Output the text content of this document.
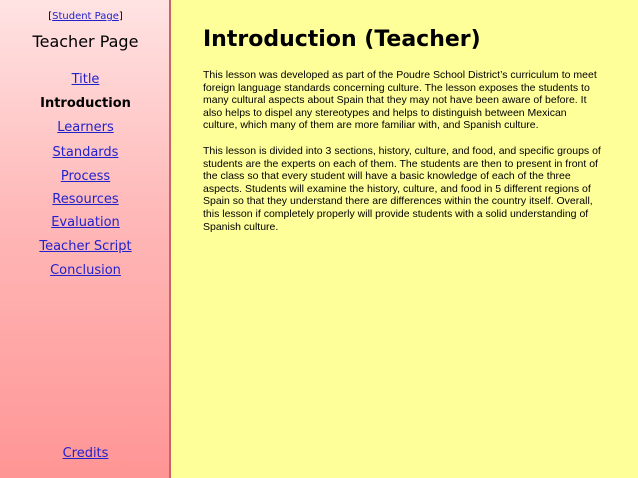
[Student Page]
Teacher Page
Title
Introduction
Learners
Standards
Process
Resources
Evaluation
Teacher Script
Conclusion
Credits
Introduction (Teacher)

This lesson was developed as part of the Poudre School District’s curriculum to meet foreign language standards concerning culture. The lesson exposes the students to many cultural aspects about Spain that they may not have been aware of before. It also helps to dispel any stereotypes and helps to distinguish between Mexican culture, which many of them are more familiar with, and Spanish culture.

This lesson is divided into 3 sections, history, culture, and food, and specific groups of students are the experts on each of them. The students are then to present in front of the class so that every student will have a basic knowledge of each of the three aspects. Students will examine the history, culture, and food in 5 different regions of Spain so that they understand there are differences within the country itself. Overall, this lesson if completely properly will provide students with a solid understanding of Spanish culture.
